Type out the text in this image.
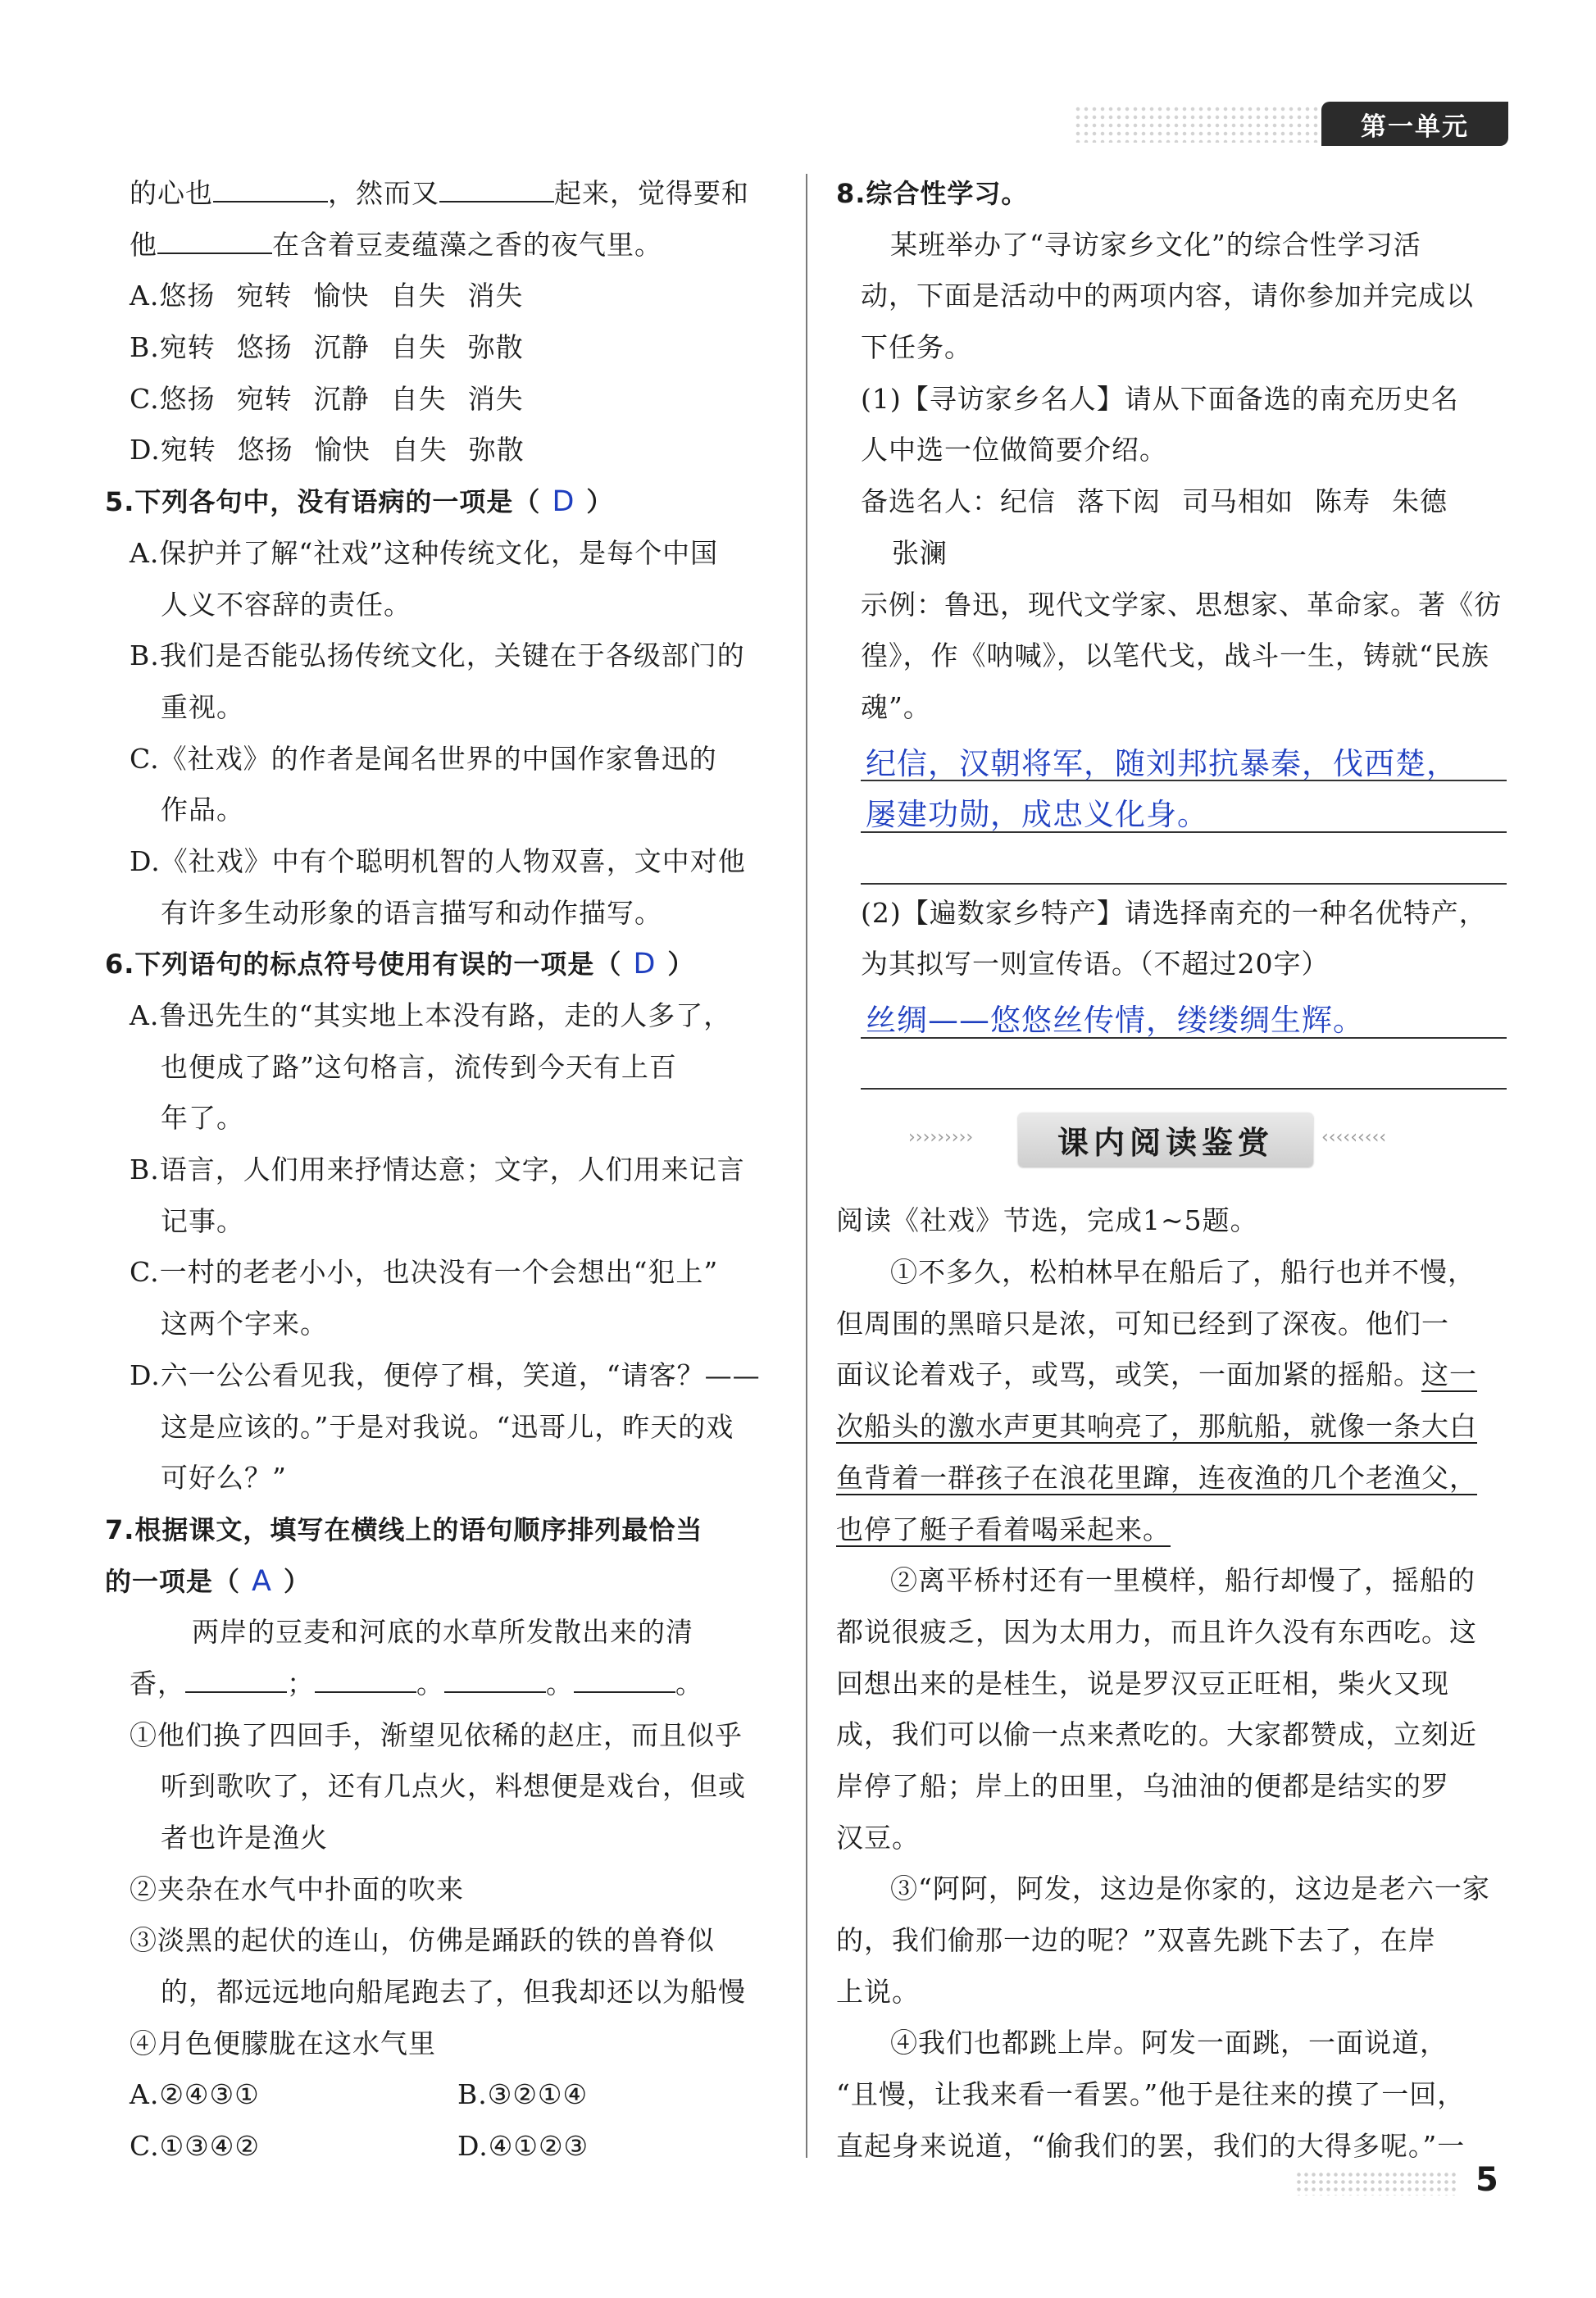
第一单元
的心也	，然而又	起来，觉得要和
他	在含着豆麦蕴藻之香的夜气里。
A.悠扬 宛转 愉快 自失 消失
B.宛转 悠扬 沉静 自失 弥散
C.悠扬 宛转 沉静 自失 消失
D.宛转 悠扬 愉快 自失 弥散
5.下列各句中，没有语病的一项是（ D ）
A.保护并了解“社戏”这种传统文化，是每个中国
人义不容辞的责任。
B.我们是否能弘扬传统文化，关键在于各级部门的
重视。
C.《社戏》的作者是闻名世界的中国作家鲁迅的
作品。
D.《社戏》中有个聪明机智的人物双喜，文中对他
有许多生动形象的语言描写和动作描写。
6.下列语句的标点符号使用有误的一项是（ D ）
A.鲁迅先生的“其实地上本没有路，走的人多了，
也便成了路”这句格言，流传到今天有上百
年了。
B.语言，人们用来抒情达意；文字，人们用来记言
记事。
C.一村的老老小小，也决没有一个会想出“犯上”
这两个字来。
D.六一公公看见我，便停了楫，笑道，“请客？——
这是应该的。”于是对我说。“迅哥儿，昨天的戏
可好么？”
7.根据课文，填写在横线上的语句顺序排列最恰当
的一项是（ A ）
两岸的豆麦和河底的水草所发散出来的清
香，	；	。	。	。
①他们换了四回手，渐望见依稀的赵庄，而且似乎
听到歌吹了，还有几点火，料想便是戏台，但或
者也许是渔火
②夹杂在水气中扑面的吹来
③淡黑的起伏的连山，仿佛是踊跃的铁的兽脊似
的，都远远地向船尾跑去了，但我却还以为船慢
④月色便朦胧在这水气里
A.②④③①	B.③②①④
C.①③④②	D.④①②③
8.综合性学习。
某班举办了“寻访家乡文化”的综合性学习活
动，下面是活动中的两项内容，请你参加并完成以
下任务。
(1)【寻访家乡名人】请从下面备选的南充历史名
人中选一位做简要介绍。
备选名人：纪信 落下闳 司马相如 陈寿 朱德
张澜
示例：鲁迅，现代文学家、思想家、革命家。著《彷
徨》，作《呐喊》，以笔代戈，战斗一生，铸就“民族
魂”。
纪信，汉朝将军，随刘邦抗暴秦，伐西楚，
屡建功勋，成忠义化身。
(2)【遍数家乡特产】请选择南充的一种名优特产，
为其拟写一则宣传语。（不超过20字）
丝绸——悠悠丝传情，缕缕绸生辉。
›››››››››	课内阅读鉴赏	‹‹‹‹‹‹‹‹‹
阅读《社戏》节选，完成1~5题。
①不多久，松柏林早在船后了，船行也并不慢，
但周围的黑暗只是浓，可知已经到了深夜。他们一
面议论着戏子，或骂，或笑，一面加紧的摇船。这一
次船头的激水声更其响亮了，那航船，就像一条大白
鱼背着一群孩子在浪花里蹿，连夜渔的几个老渔父，
也停了艇子看着喝采起来。
②离平桥村还有一里模样，船行却慢了，摇船的
都说很疲乏，因为太用力，而且许久没有东西吃。这
回想出来的是桂生，说是罗汉豆正旺相，柴火又现
成，我们可以偷一点来煮吃的。大家都赞成，立刻近
岸停了船；岸上的田里，乌油油的便都是结实的罗
汉豆。
③“阿阿，阿发，这边是你家的，这边是老六一家
的，我们偷那一边的呢？”双喜先跳下去了，在岸
上说。
④我们也都跳上岸。阿发一面跳，一面说道，
“且慢，让我来看一看罢。”他于是往来的摸了一回，
直起身来说道，“偷我们的罢，我们的大得多呢。”一
5
